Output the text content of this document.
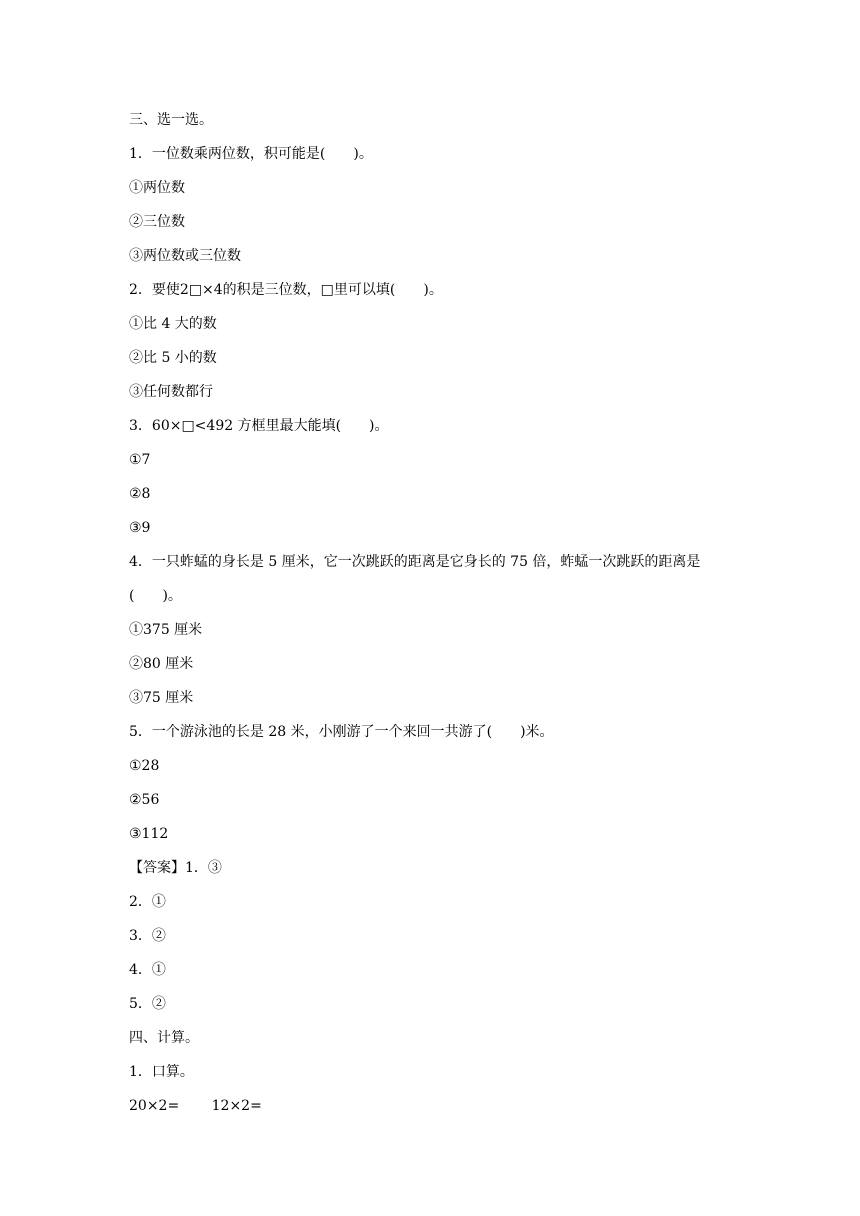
三、选一选。
1．一位数乘两位数，积可能是(　　)。
①两位数
②三位数
③两位数或三位数
2．要使2□×4的积是三位数，□里可以填(　　)。
①比 4 大的数
②比 5 小的数
③任何数都行
3．60×□<492 方框里最大能填(　　)。
①7
②8
③9
4．一只蚱蜢的身长是 5 厘米，它一次跳跃的距离是它身长的 75 倍，蚱蜢一次跳跃的距离是(　　)。
①375 厘米
②80 厘米
③75 厘米
5．一个游泳池的长是 28 米，小刚游了一个来回一共游了(　　)米。
①28
②56
③112
【答案】1．③
2．①
3．②
4．①
5．②
四、计算。
1．口算。
20×2=　　 12×2=
